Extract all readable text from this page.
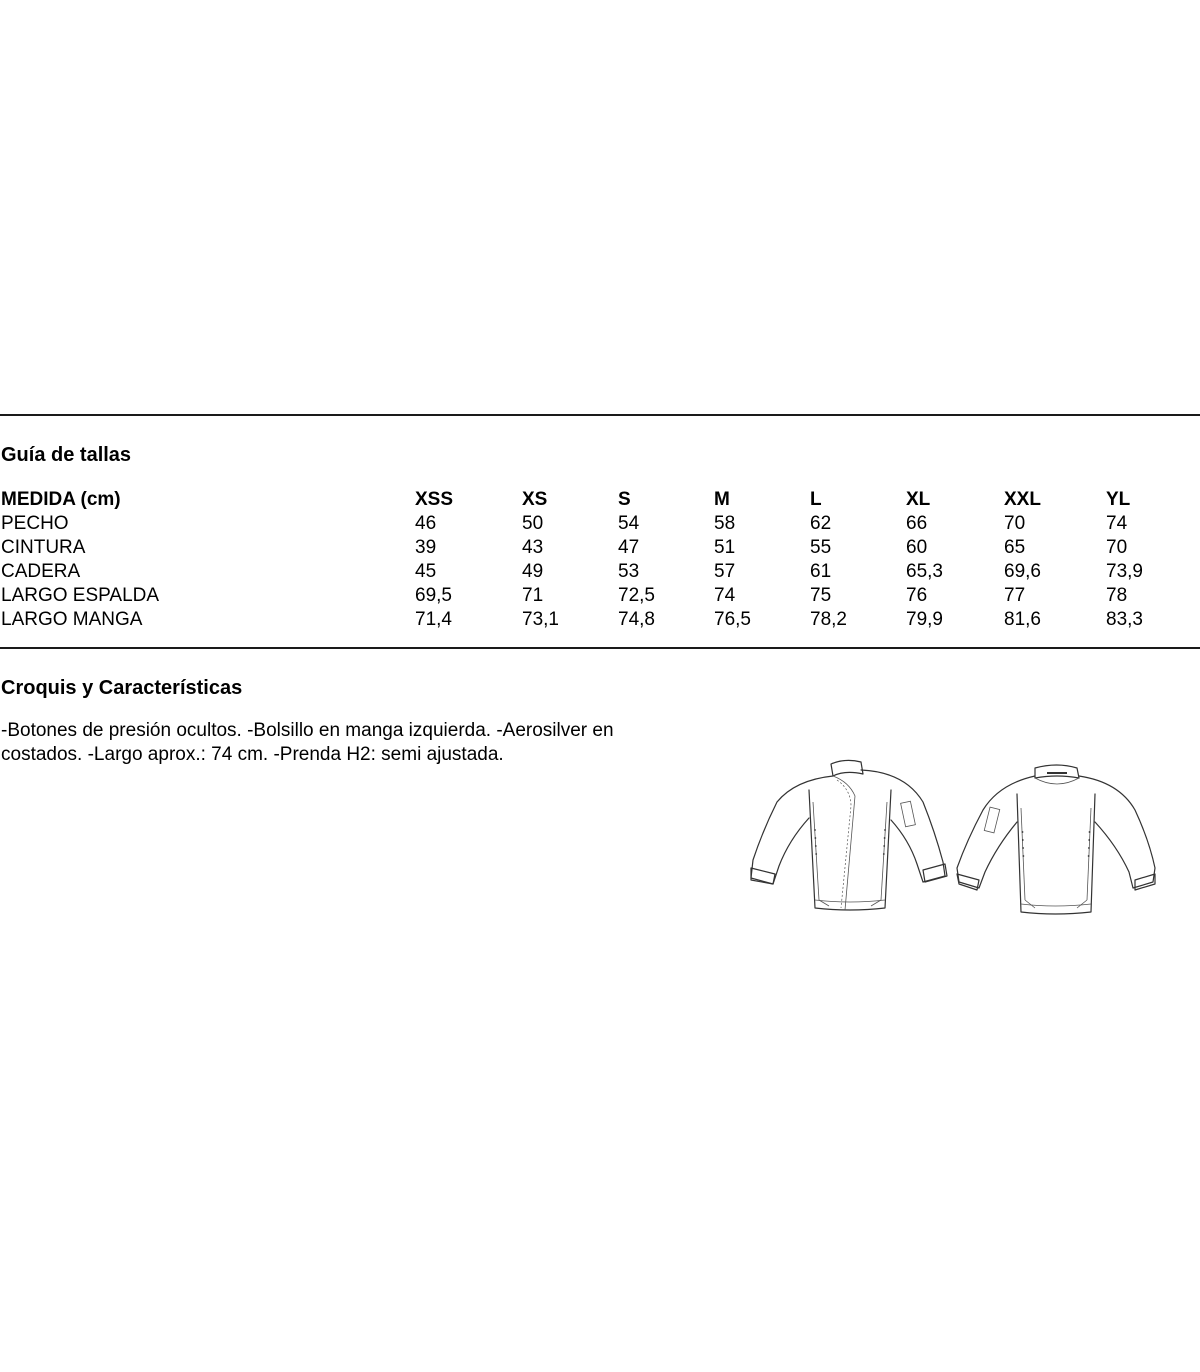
Guía de tallas
MEDIDA (cm)	XSS	XS	S	M	L	XL	XXL	YL
PECHO	46	50	54	58	62	66	70	74
CINTURA	39	43	47	51	55	60	65	70
CADERA	45	49	53	57	61	65,3	69,6	73,9
LARGO ESPALDA	69,5	71	72,5	74	75	76	77	78
LARGO MANGA	71,4	73,1	74,8	76,5	78,2	79,9	81,6	83,3
Croquis y Características

-Botones de presión ocultos. -Bolsillo en manga izquierda. -Aerosilver en costados. -Largo aprox.: 74 cm. -Prenda H2: semi ajustada.
